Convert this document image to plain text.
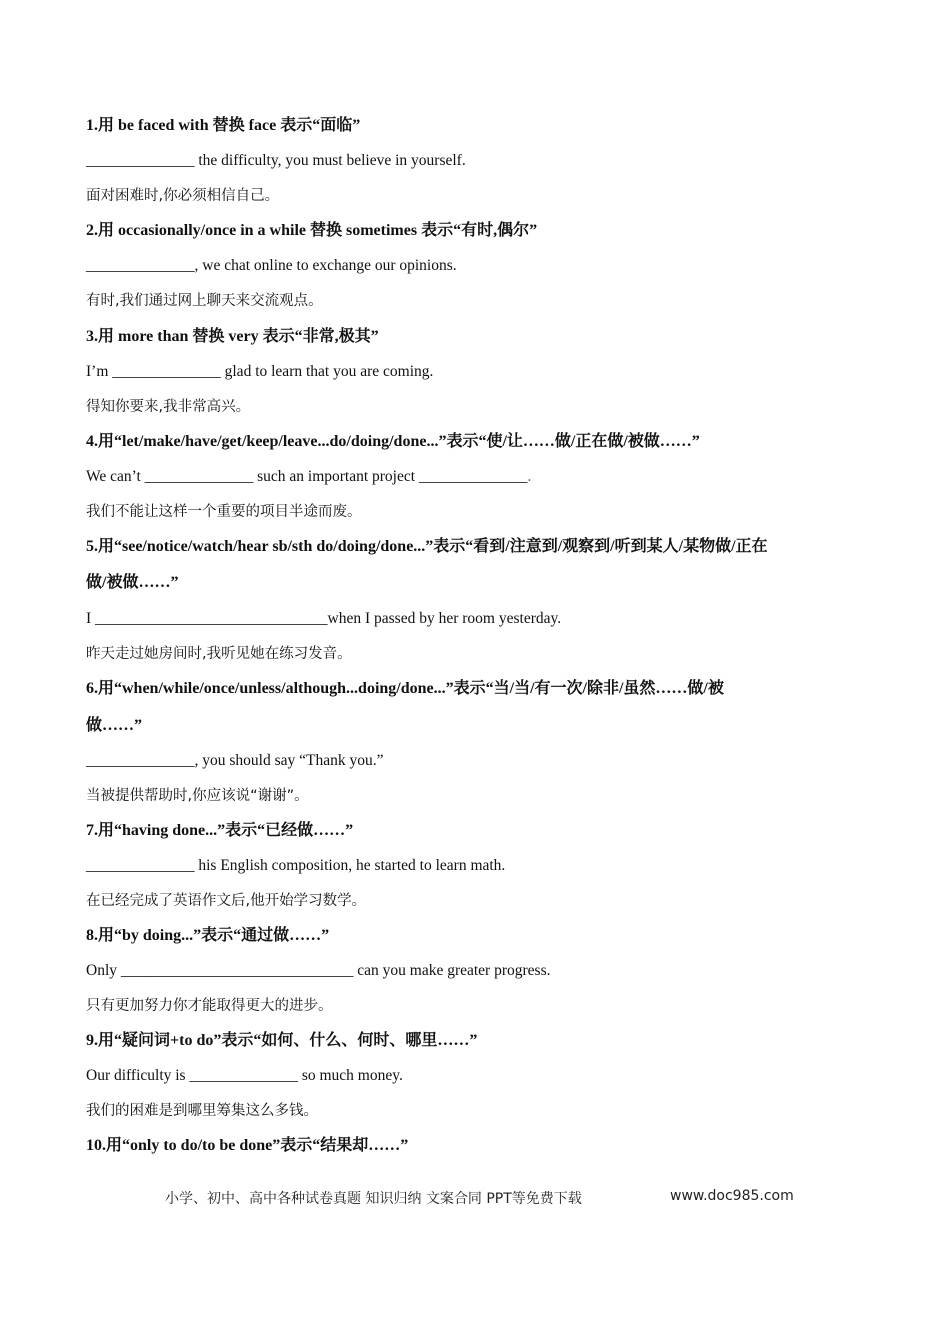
1.用 be faced with 替换 face 表示“面临”
______________ the difficulty, you must believe in yourself.
面对困难时,你必须相信自己。
2.用 occasionally/once in a while 替换 sometimes 表示“有时,偶尔”
______________, we chat online to exchange our opinions.
有时,我们通过网上聊天来交流观点。
3.用 more than 替换 very 表示“非常,极其”
I’m ______________ glad to learn that you are coming.
得知你要来,我非常高兴。
4.用“let/make/have/get/keep/leave...do/doing/done...”表示“使/让……做/正在做/被做……”
We can’t ______________ such an important project ______________.
我们不能让这样一个重要的项目半途而废。
5.用“see/notice/watch/hear sb/sth do/doing/done...”表示“看到/注意到/观察到/听到某人/某物做/正在
做/被做……”
I ______________________________when I passed by her room yesterday.
昨天走过她房间时,我听见她在练习发音。
6.用“when/while/once/unless/although...doing/done...”表示“当/当/有一次/除非/虽然……做/被
做……”
______________, you should say “Thank you.”
当被提供帮助时,你应该说“谢谢”。
7.用“having done...”表示“已经做……”
______________ his English composition, he started to learn math.
在已经完成了英语作文后,他开始学习数学。
8.用“by doing...”表示“通过做……”
Only ______________________________ can you make greater progress.
只有更加努力你才能取得更大的进步。
9.用“疑问词+to do”表示“如何、什么、何时、哪里……”
Our difficulty is ______________ so much money.
我们的困难是到哪里筹集这么多钱。
10.用“only to do/to be done”表示“结果却……”
小学、初中、高中各种试卷真题 知识归纳 文案合同 PPT等免费下载	www.doc985.com
